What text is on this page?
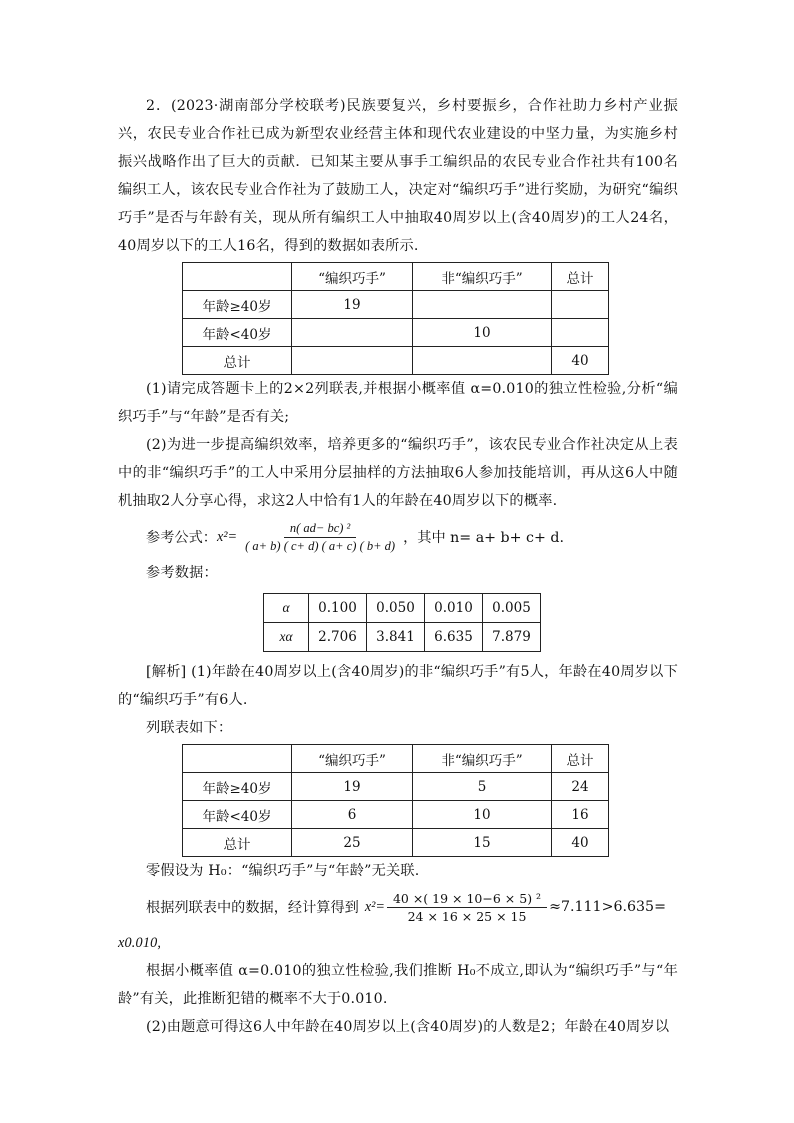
2．(2023·湖南部分学校联考)民族要复兴，乡村要振乡，合作社助力乡村产业振兴，农民专业合作社已成为新型农业经营主体和现代农业建设的中坚力量，为实施乡村振兴战略作出了巨大的贡献．已知某主要从事手工编织品的农民专业合作社共有100名编织工人，该农民专业合作社为了鼓励工人，决定对“编织巧手”进行奖励，为研究“编织巧手”是否与年龄有关，现从所有编织工人中抽取40周岁以上(含40周岁)的工人24名，40周岁以下的工人16名，得到的数据如表所示.

	“编织巧手”	非“编织巧手”	总计
年龄≥40岁	19		
年龄<40岁		10	
总计			40

(1)请完成答题卡上的2×2列联表,并根据小概率值 α=0.010的独立性检验,分析“编织巧手”与“年龄”是否有关;

(2)为进一步提高编织效率，培养更多的“编织巧手”，该农民专业合作社决定从上表中的非“编织巧手”的工人中采用分层抽样的方法抽取6人参加技能培训，再从这6人中随机抽取2人分享心得，求这2人中恰有1人的年龄在40周岁以下的概率.

参考公式： $x^2= \frac{\text{n( ad− bc) ²}}{( a+ b) ( c+ d) ( a+ c) ( b+ d)}$ ，其中 n= a+ b+ c+ d.

参考数据：

α	0.100	0.050	0.010	0.005
xα	2.706	3.841	6.635	7.879

[解析] (1)年龄在40周岁以上(含40周岁)的非“编织巧手”有5人，年龄在40周岁以下的“编织巧手”有6人.

列联表如下：

	“编织巧手”	非“编织巧手”	总计
年龄≥40岁	19	5	24
年龄<40岁	6	10	16
总计	25	15	40

零假设为 H₀：“编织巧手”与“年龄”无关联.

根据列联表中的数据，经计算得到 $x^2= \frac{\text{40 ×( 19 × 10−6 × 5) ²}}{24 \times 16 \times 25 \times 15} \approx 7.111>6.635=$

x0.010,

根据小概率值 α=0.010的独立性检验,我们推断 H₀不成立,即认为“编织巧手”与“年龄”有关，此推断犯错的概率不大于0.010.

(2)由题意可得这6人中年龄在40周岁以上(含40周岁)的人数是2；年龄在40周岁以
